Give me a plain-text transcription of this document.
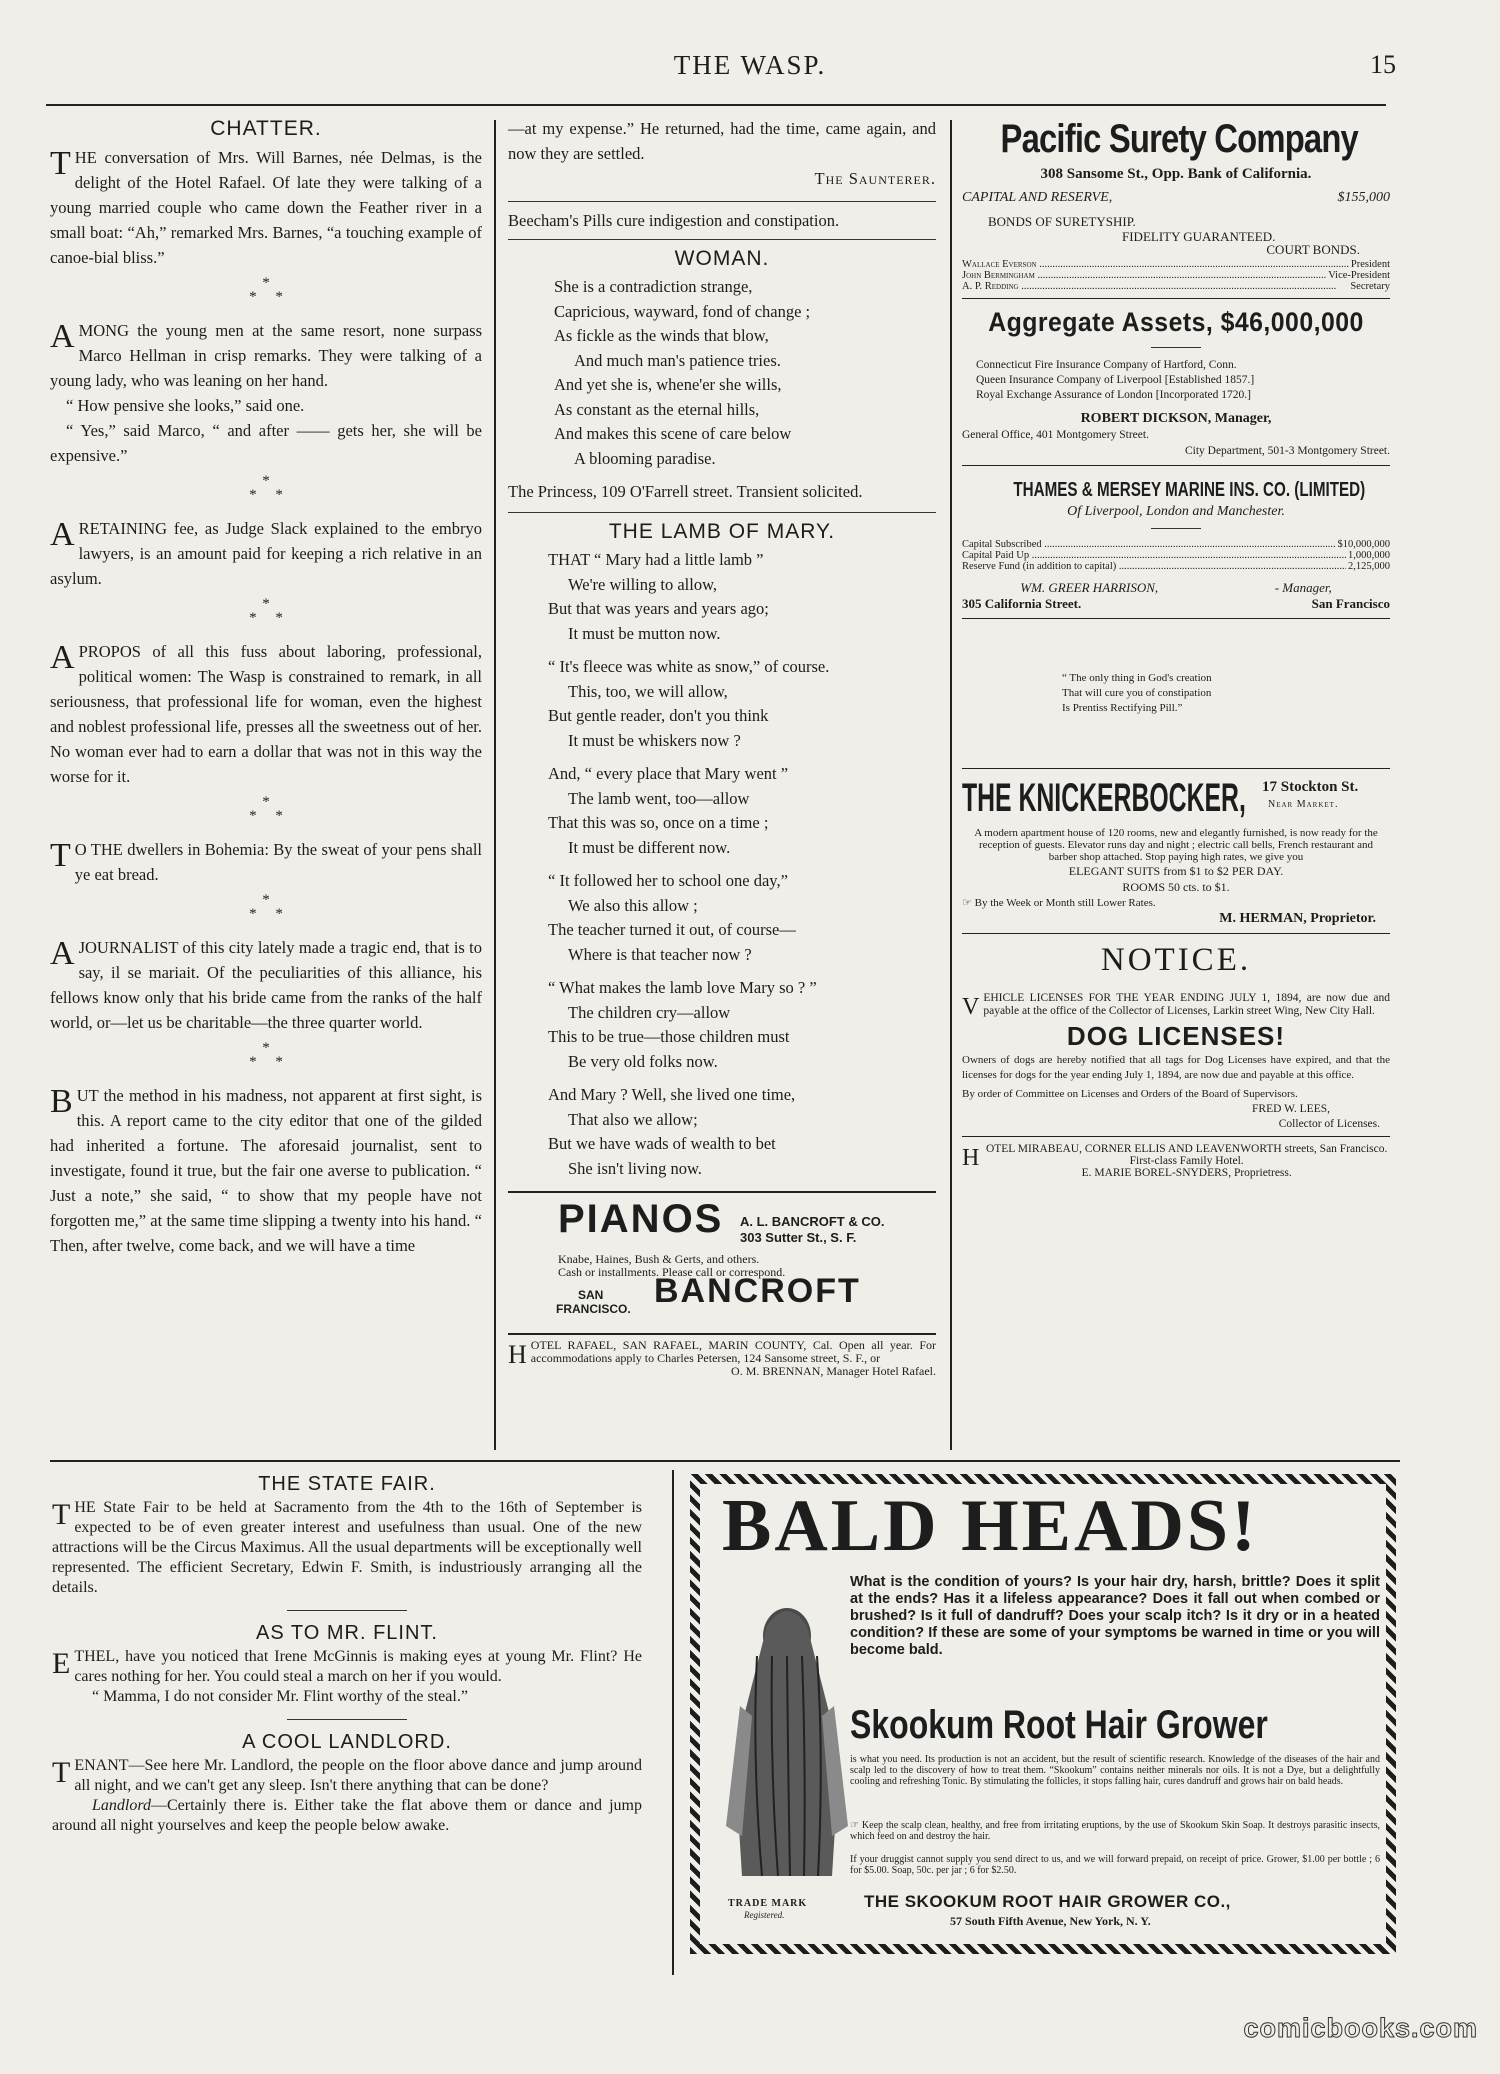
THE WASP.	15
CHATTER.

THE conversation of Mrs. Will Barnes, née Delmas, is the delight of the Hotel Rafael. Of late they were talking of a young married couple who came down the Feather river in a small boat: “Ah,” remarked Mrs. Barnes, “a touching example of canoe-bial bliss.”

*
*     *

AMONG the young men at the same resort, none surpass Marco Hellman in crisp remarks. They were talking of a young lady, who was leaning on her hand.

“ How pensive she looks,” said one.

“ Yes,” said Marco, “ and after —— gets her, she will be expensive.”

*
*     *

A RETAINING fee, as Judge Slack explained to the embryo lawyers, is an amount paid for keeping a rich relative in an asylum.

*
*     *

APROPOS of all this fuss about laboring, professional, political women: The Wasp is constrained to remark, in all seriousness, that professional life for woman, even the highest and noblest professional life, presses all the sweetness out of her. No woman ever had to earn a dollar that was not in this way the worse for it.

*
*     *

T O THE dwellers in Bohemia: By the sweat of your pens shall ye eat bread.

*
*     *

A JOURNALIST of this city lately made a tragic end, that is to say, il se mariait. Of the peculiarities of this alliance, his fellows know only that his bride came from the ranks of the half world, or—let us be charitable—the three quarter world.

*
*     *

BUT the method in his madness, not apparent at first sight, is this. A report came to the city editor that one of the gilded had inherited a fortune. The aforesaid journalist, sent to investigate, found it true, but the fair one averse to publication. “ Just a note,” she said, “ to show that my people have not forgotten me,” at the same time slipping a twenty into his hand. “ Then, after twelve, come back, and we will have a time

—at my expense.” He returned, had the time, came again, and now they are settled.

The Saunterer.

Beecham's Pills cure indigestion and constipation.

WOMAN.
She is a contradiction strange,
Capricious, wayward, fond of change ;
As fickle as the winds that blow,
And much man's patience tries.
And yet she is, whene'er she wills,
As constant as the eternal hills,
And makes this scene of care below
A blooming paradise.

The Princess, 109 O'Farrell street. Transient solicited.

THE LAMB OF MARY.
THAT “ Mary had a little lamb ”
We're willing to allow,
But that was years and years ago;
It must be mutton now.
“ It's fleece was white as snow,” of course.
This, too, we will allow,
But gentle reader, don't you think
It must be whiskers now ?
And, “ every place that Mary went ”
The lamb went, too—allow
That this was so, once on a time ;
It must be different now.
“ It followed her to school one day,”
We also this allow ;
The teacher turned it out, of course—
Where is that teacher now ?
“ What makes the lamb love Mary so ? ”
The children cry—allow
This to be true—those children must
Be very old folks now.
And Mary ? Well, she lived one time,
That also we allow;
But we have wads of wealth to bet
She isn't living now.
PIANOS A. L. BANCROFT & CO.
303 Sutter St., S. F.
Knabe, Haines, Bush & Gerts, and others.
Cash or installments. Please call or correspond.
SAN
FRANCISCO. BANCROFT
HOTEL RAFAEL, SAN RAFAEL, MARIN COUNTY, Cal. Open all year. For accommodations apply to Charles Petersen, 124 Sansome street, S. F., or
O. M. BRENNAN, Manager Hotel Rafael.
Pacific Surety Company
308 Sansome St., Opp. Bank of California.
CAPITAL AND RESERVE,	$155,000
BONDS OF SURETYSHIP.
FIDELITY GUARANTEED.
COURT BONDS.
Wallace Everson .....	President
John Bermingham .....	Vice-President
A. P. Redding .....	Secretary
Aggregate Assets, $46,000,000
Connecticut Fire Insurance Company of Hartford, Conn.
Queen Insurance Company of Liverpool [Established 1857.]
Royal Exchange Assurance of London [Incorporated 1720.]
ROBERT DICKSON, Manager,
General Office, 401 Montgomery Street.
City Department, 501-3 Montgomery Street.
THAMES & MERSEY MARINE INS. CO. (LIMITED)
Of Liverpool, London and Manchester.
Capital Subscribed .....	$10,000,000
Capital Paid Up .....	1,000,000
Reserve Fund (in addition to capital) .....	2,125,000
WM. GREER HARRISON,	- Manager,
305 California Street.	San Francisco
“ The only thing in God's creation
That will cure you of constipation
Is Prentiss Rectifying Pill.”
THE KNICKERBOCKER, 17 Stockton St.
Near Market.
A modern apartment house of 120 rooms, new and elegantly furnished, is now ready for the reception of guests. Elevator runs day and night ; electric call bells, French restaurant and barber shop attached. Stop paying high rates, we give you
ELEGANT SUITS from $1 to $2 PER DAY.
ROOMS 50 cts. to $1.
☞ By the Week or Month still Lower Rates.
M. HERMAN, Proprietor.
NOTICE.
VEHICLE LICENSES FOR THE YEAR ENDING JULY 1, 1894, are now due and payable at the office of the Collector of Licenses, Larkin street Wing, New City Hall.
DOG LICENSES!
Owners of dogs are hereby notified that all tags for Dog Licenses have expired, and that the licenses for dogs for the year ending July 1, 1894, are now due and payable at this office.
By order of Committee on Licenses and Orders of the Board of Supervisors.
FRED W. LEES,
Collector of Licenses.
HOTEL MIRABEAU, CORNER ELLIS AND LEAVENWORTH streets, San Francisco. First-class Family Hotel.
E. MARIE BOREL-SNYDERS, Proprietress.
THE STATE FAIR.

THE State Fair to be held at Sacramento from the 4th to the 16th of September is expected to be of even greater interest and usefulness than usual. One of the new attractions will be the Circus Maximus. All the usual departments will be exceptionally well represented. The efficient Secretary, Edwin F. Smith, is industriously arranging all the details.

AS TO MR. FLINT.

ETHEL, have you noticed that Irene McGinnis is making eyes at young Mr. Flint? He cares nothing for her. You could steal a march on her if you would.

“ Mamma, I do not consider Mr. Flint worthy of the steal.”

A COOL LANDLORD.

TENANT—See here Mr. Landlord, the people on the floor above dance and jump around all night, and we can't get any sleep. Isn't there anything that can be done?

Landlord—Certainly there is. Either take the flat above them or dance and jump around all night yourselves and keep the people below awake.

BALD HEADS!
TRADE MARK
Registered.
What is the condition of yours? Is your hair dry, harsh, brittle? Does it split at the ends? Has it a lifeless appearance? Does it fall out when combed or brushed? Is it full of dandruff? Does your scalp itch? Is it dry or in a heated condition? If these are some of your symptoms be warned in time or you will become bald.
Skookum Root Hair Grower
is what you need. Its production is not an accident, but the result of scientific research. Knowledge of the diseases of the hair and scalp led to the discovery of how to treat them. “Skookum” contains neither minerals nor oils. It is not a Dye, but a delightfully cooling and refreshing Tonic. By stimulating the follicles, it stops falling hair, cures dandruff and grows hair on bald heads.
☞ Keep the scalp clean, healthy, and free from irritating eruptions, by the use of Skookum Skin Soap. It destroys parasitic insects, which feed on and destroy the hair.
If your druggist cannot supply you send direct to us, and we will forward prepaid, on receipt of price. Grower, $1.00 per bottle ; 6 for $5.00. Soap, 50c. per jar ; 6 for $2.50.
THE SKOOKUM ROOT HAIR GROWER CO.,
57 South Fifth Avenue, New York, N. Y.
comicbooks.com
